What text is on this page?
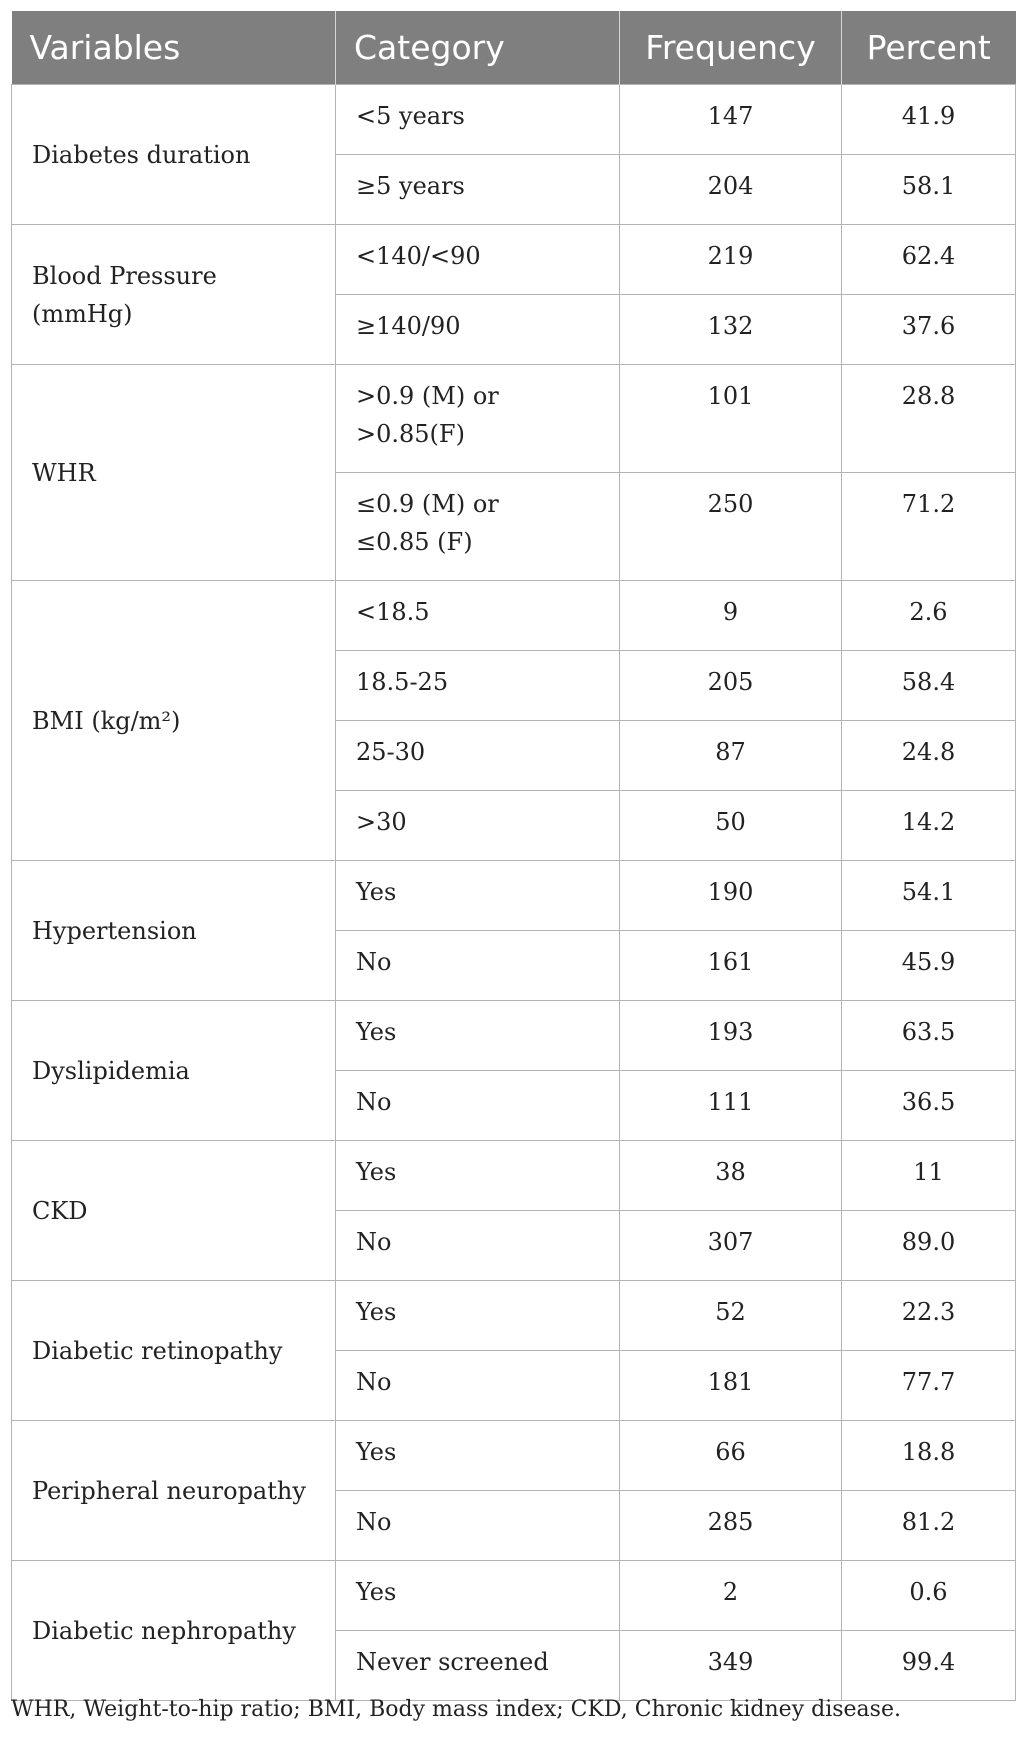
Variables	Category	Frequency	Percent
Diabetes duration	<5 years	147	41.9
	≥5 years	204	58.1
Blood Pressure (mmHg)	<140/<90	219	62.4
	≥140/90	132	37.6
WHR	>0.9 (M) or >0.85(F)	101	28.8
	≤0.9 (M) or ≤0.85 (F)	250	71.2
BMI (kg/m²)	<18.5	9	2.6
	18.5-25	205	58.4
	25-30	87	24.8
	>30	50	14.2
Hypertension	Yes	190	54.1
	No	161	45.9
Dyslipidemia	Yes	193	63.5
	No	111	36.5
CKD	Yes	38	11
	No	307	89.0
Diabetic retinopathy	Yes	52	22.3
	No	181	77.7
Peripheral neuropathy	Yes	66	18.8
	No	285	81.2
Diabetic nephropathy	Yes	2	0.6
	Never screened	349	99.4
WHR, Weight-to-hip ratio; BMI, Body mass index; CKD, Chronic kidney disease.
